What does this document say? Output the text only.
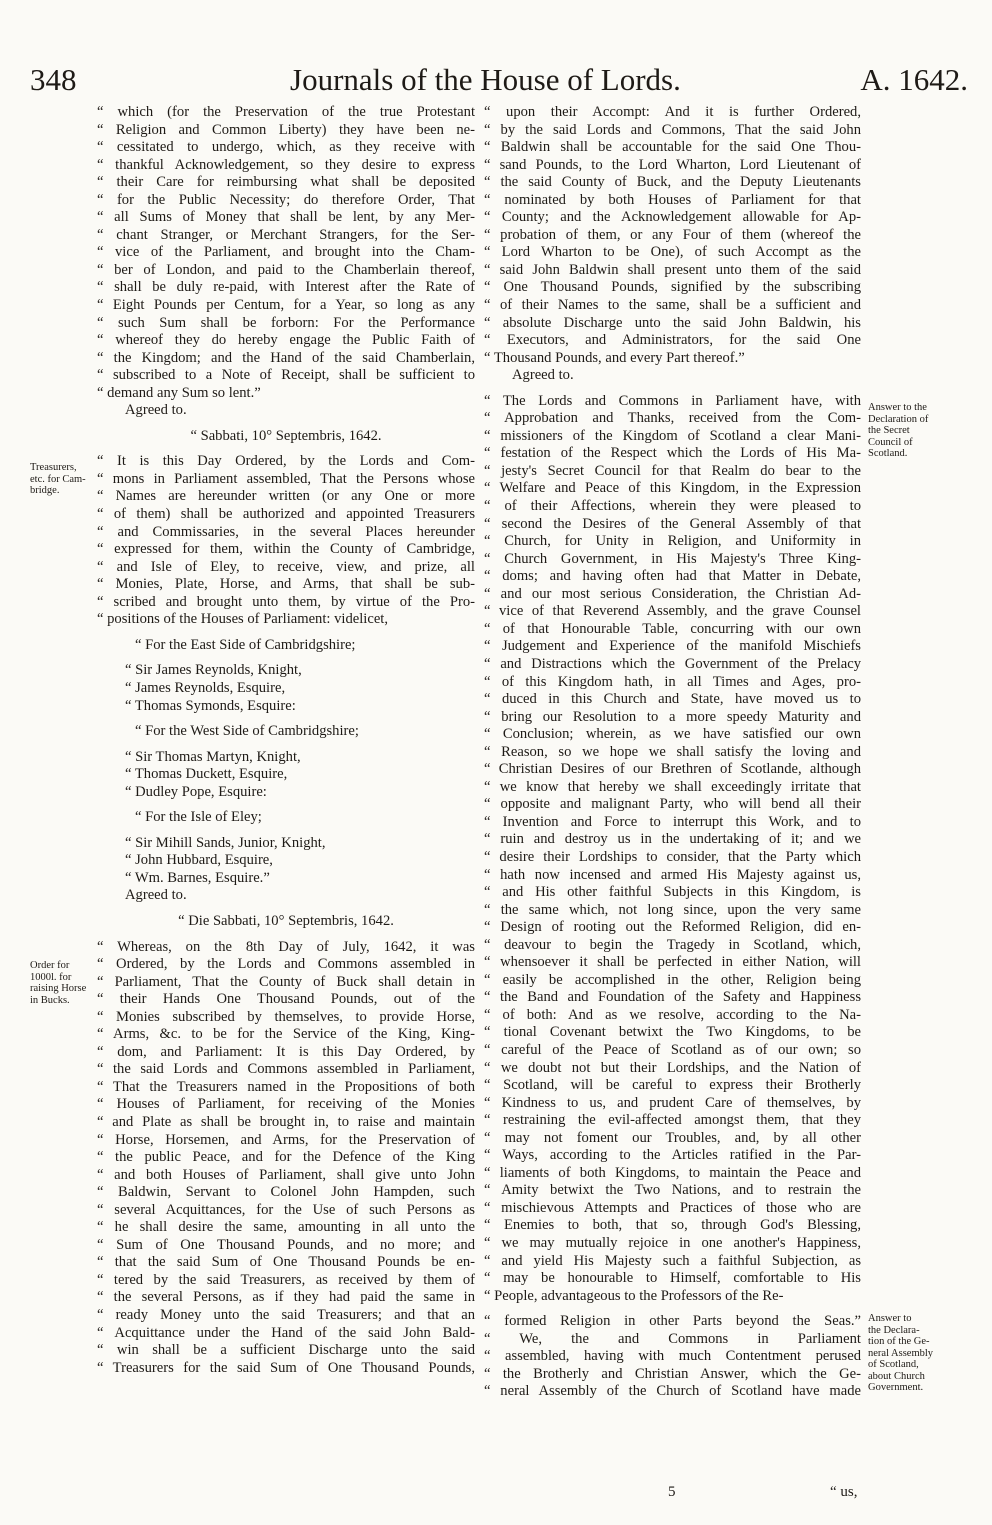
348	Journals of the House of Lords.	A. 1642.
“ which (for the Preservation of the true Protestant
“ Religion and Common Liberty) they have been ne-
“ cessitated to undergo, which, as they receive with
“ thankful Acknowledgement, so they desire to express
“ their Care for reimbursing what shall be deposited
“ for the Public Necessity; do therefore Order, That
“ all Sums of Money that shall be lent, by any Mer-
“ chant Stranger, or Merchant Strangers, for the Ser-
“ vice of the Parliament, and brought into the Cham-
“ ber of London, and paid to the Chamberlain thereof,
“ shall be duly re-paid, with Interest after the Rate of
“ Eight Pounds per Centum, for a Year, so long as any
“ such Sum shall be forborn: For the Performance
“ whereof they do hereby engage the Public Faith of
“ the Kingdom; and the Hand of the said Chamberlain,
“ subscribed to a Note of Receipt, shall be sufficient to
“ demand any Sum so lent.”
Agreed to.
“ Sabbati, 10° Septembris, 1642.
“ It is this Day Ordered, by the Lords and Com-
“ mons in Parliament assembled, That the Persons whose
“ Names are hereunder written (or any One or more
“ of them) shall be authorized and appointed Treasurers
“ and Commissaries, in the several Places hereunder
“ expressed for them, within the County of Cambridge,
“ and Isle of Eley, to receive, view, and prize, all
“ Monies, Plate, Horse, and Arms, that shall be sub-
“ scribed and brought unto them, by virtue of the Pro-
“ positions of the Houses of Parliament: videlicet,
“ For the East Side of Cambridgshire;
“ Sir James Reynolds, Knight,
“ James Reynolds, Esquire,
“ Thomas Symonds, Esquire:
“ For the West Side of Cambridgshire;
“ Sir Thomas Martyn, Knight,
“ Thomas Duckett, Esquire,
“ Dudley Pope, Esquire:
“ For the Isle of Eley;
“ Sir Mihill Sands, Junior, Knight,
“ John Hubbard, Esquire,
“ Wm. Barnes, Esquire.”
Agreed to.
“ Die Sabbati, 10° Septembris, 1642.
“ Whereas, on the 8th Day of July, 1642, it was
“ Ordered, by the Lords and Commons assembled in
“ Parliament, That the County of Buck shall detain in
“ their Hands One Thousand Pounds, out of the
“ Monies subscribed by themselves, to provide Horse,
“ Arms, &c. to be for the Service of the King, King-
“ dom, and Parliament: It is this Day Ordered, by
“ the said Lords and Commons assembled in Parliament,
“ That the Treasurers named in the Propositions of both
“ Houses of Parliament, for receiving of the Monies
“ and Plate as shall be brought in, to raise and maintain
“ Horse, Horsemen, and Arms, for the Preservation of
“ the public Peace, and for the Defence of the King
“ and both Houses of Parliament, shall give unto John
“ Baldwin, Servant to Colonel John Hampden, such
“ several Acquittances, for the Use of such Persons as
“ he shall desire the same, amounting in all unto the
“ Sum of One Thousand Pounds, and no more; and
“ that the said Sum of One Thousand Pounds be en-
“ tered by the said Treasurers, as received by them of
“ the several Persons, as if they had paid the same in
“ ready Money unto the said Treasurers; and that an
“ Acquittance under the Hand of the said John Bald-
“ win shall be a sufficient Discharge unto the said
“ Treasurers for the said Sum of One Thousand Pounds,
“ upon their Accompt: And it is further Ordered,
“ by the said Lords and Commons, That the said John
“ Baldwin shall be accountable for the said One Thou-
“ sand Pounds, to the Lord Wharton, Lord Lieutenant of
“ the said County of Buck, and the Deputy Lieutenants
“ nominated by both Houses of Parliament for that
“ County; and the Acknowledgement allowable for Ap-
“ probation of them, or any Four of them (whereof the
“ Lord Wharton to be One), of such Accompt as the
“ said John Baldwin shall present unto them of the said
“ One Thousand Pounds, signified by the subscribing
“ of their Names to the same, shall be a sufficient and
“ absolute Discharge unto the said John Baldwin, his
“ Executors, and Administrators, for the said One
“ Thousand Pounds, and every Part thereof.”
Agreed to.
“ The Lords and Commons in Parliament have, with
“ Approbation and Thanks, received from the Com-
“ missioners of the Kingdom of Scotland a clear Mani-
“ festation of the Respect which the Lords of His Ma-
“ jesty's Secret Council for that Realm do bear to the
“ Welfare and Peace of this Kingdom, in the Expression
“ of their Affections, wherein they were pleased to
“ second the Desires of the General Assembly of that
“ Church, for Unity in Religion, and Uniformity in
“ Church Government, in His Majesty's Three King-
“ doms; and having often had that Matter in Debate,
“ and our most serious Consideration, the Christian Ad-
“ vice of that Reverend Assembly, and the grave Counsel
“ of that Honourable Table, concurring with our own
“ Judgement and Experience of the manifold Mischiefs
“ and Distractions which the Government of the Prelacy
“ of this Kingdom hath, in all Times and Ages, pro-
“ duced in this Church and State, have moved us to
“ bring our Resolution to a more speedy Maturity and
“ Conclusion; wherein, as we have satisfied our own
“ Reason, so we hope we shall satisfy the loving and
“ Christian Desires of our Brethren of Scotlande, although
“ we know that hereby we shall exceedingly irritate that
“ opposite and malignant Party, who will bend all their
“ Invention and Force to interrupt this Work, and to
“ ruin and destroy us in the undertaking of it; and we
“ desire their Lordships to consider, that the Party which
“ hath now incensed and armed His Majesty against us,
“ and His other faithful Subjects in this Kingdom, is
“ the same which, not long since, upon the very same
“ Design of rooting out the Reformed Religion, did en-
“ deavour to begin the Tragedy in Scotland, which,
“ whensoever it shall be perfected in either Nation, will
“ easily be accomplished in the other, Religion being
“ the Band and Foundation of the Safety and Happiness
“ of both: And as we resolve, according to the Na-
“ tional Covenant betwixt the Two Kingdoms, to be
“ careful of the Peace of Scotland as of our own; so
“ we doubt not but their Lordships, and the Nation of
“ Scotland, will be careful to express their Brotherly
“ Kindness to us, and prudent Care of themselves, by
“ restraining the evil-affected amongst them, that they
“ may not foment our Troubles, and, by all other
“ Ways, according to the Articles ratified in the Par-
“ liaments of both Kingdoms, to maintain the Peace and
“ Amity betwixt the Two Nations, and to restrain the
“ mischievous Attempts and Practices of those who are
“ Enemies to both, that so, through God's Blessing,
“ we may mutually rejoice in one another's Happiness,
“ and yield His Majesty such a faithful Subjection, as
“ may be honourable to Himself, comfortable to His
“ People, advantageous to the Professors of the Re-
“ formed Religion in other Parts beyond the Seas.”
“ We, the and Commons in Parliament
“ assembled, having with much Contentment perused
“ the Brotherly and Christian Answer, which the Ge-
“ neral Assembly of the Church of Scotland have made
Treasurers,
etc. for Cam-
bridge.
Order for
1000l. for
raising Horse
in Bucks.
Answer to the
Declaration of
the Secret
Council of
Scotland.
Answer to
the Declara-
tion of the Ge-
neral Assembly
of Scotland,
about Church
Government.
5	“ us,
